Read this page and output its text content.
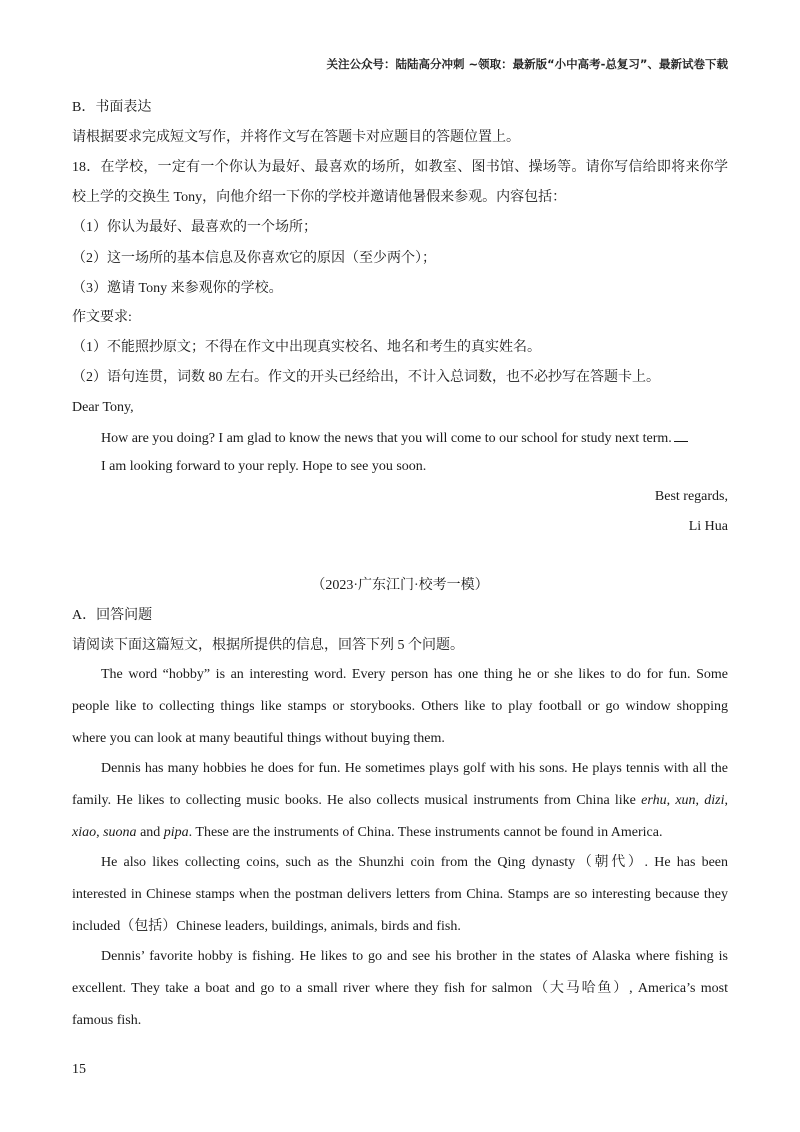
关注公众号：陆陆高分冲刺 ~领取：最新版“小中高考-总复习”、最新试卷下载
B．书面表达
请根据要求完成短文写作，并将作文写在答题卡对应题目的答题位置上。
18．在学校，一定有一个你认为最好、最喜欢的场所，如教室、图书馆、操场等。请你写信给即将来你学
校上学的交换生 Tony，向他介绍一下你的学校并邀请他暑假来参观。内容包括：
（1）你认为最好、最喜欢的一个场所；
（2）这一场所的基本信息及你喜欢它的原因（至少两个）；
（3）邀请 Tony 来参观你的学校。
作文要求:
（1）不能照抄原文；不得在作文中出现真实校名、地名和考生的真实姓名。
（2）语句连贯，词数 80 左右。作文的开头已经给出，不计入总词数，也不必抄写在答题卡上。
Dear Tony,
How are you doing? I am glad to know the news that you will come to our school for study next term.
I am looking forward to your reply. Hope to see you soon.
Best regards,
Li Hua
（2023·广东江门·校考一模）
A．回答问题
请阅读下面这篇短文，根据所提供的信息，回答下列 5 个问题。
The word “hobby” is an interesting word. Every person has one thing he or she likes to do for fun. Some
people like to collecting things like stamps or storybooks. Others like to play football or go window shopping
where you can look at many beautiful things without buying them.
Dennis has many hobbies he does for fun. He sometimes plays golf with his sons. He plays tennis with all the
family. He likes to collecting music books. He also collects musical instruments from China like erhu, xun, dizi,
xiao, suona and pipa. These are the instruments of China. These instruments cannot be found in America.
He also likes collecting coins, such as the Shunzhi coin from the Qing dynasty（朝代）. He has been
interested in Chinese stamps when the postman delivers letters from China. Stamps are so interesting because they
included（包括）Chinese leaders, buildings, animals, birds and fish.
Dennis’ favorite hobby is fishing. He likes to go and see his brother in the states of Alaska where fishing is
excellent. They take a boat and go to a small river where they fish for salmon（大马哈鱼）, America’s most
famous fish.
15
